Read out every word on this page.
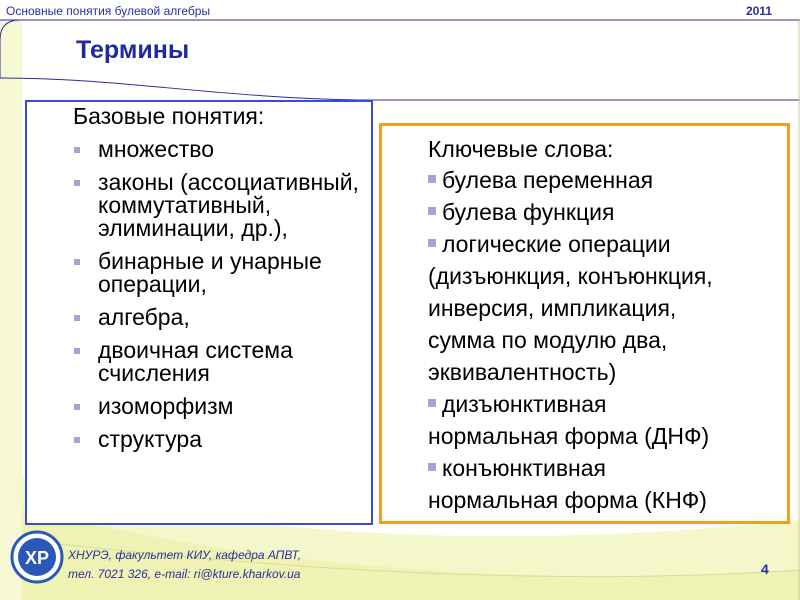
Основные понятия булевой алгебры	2011
Термины
Базовые понятия:
множество
законы (ассоциативный, коммутативный, элиминации, др.),
бинарные и унарные операции,
алгебра,
двоичная система счисления
изоморфизм
структура
Ключевые слова:
булева переменная
булева функция
логические операции
(дизъюнкция, конъюнкция,
инверсия, импликация,
сумма по модулю два,
эквивалентность)
дизъюнктивная
нормальная форма (ДНФ)
конъюнктивная
нормальная форма (КНФ)
ХР ХНУРЭ, факультет КИУ, кафедра АПВТ,
тел. 7021 326, e-mail: ri@kture.kharkov.ua	4
